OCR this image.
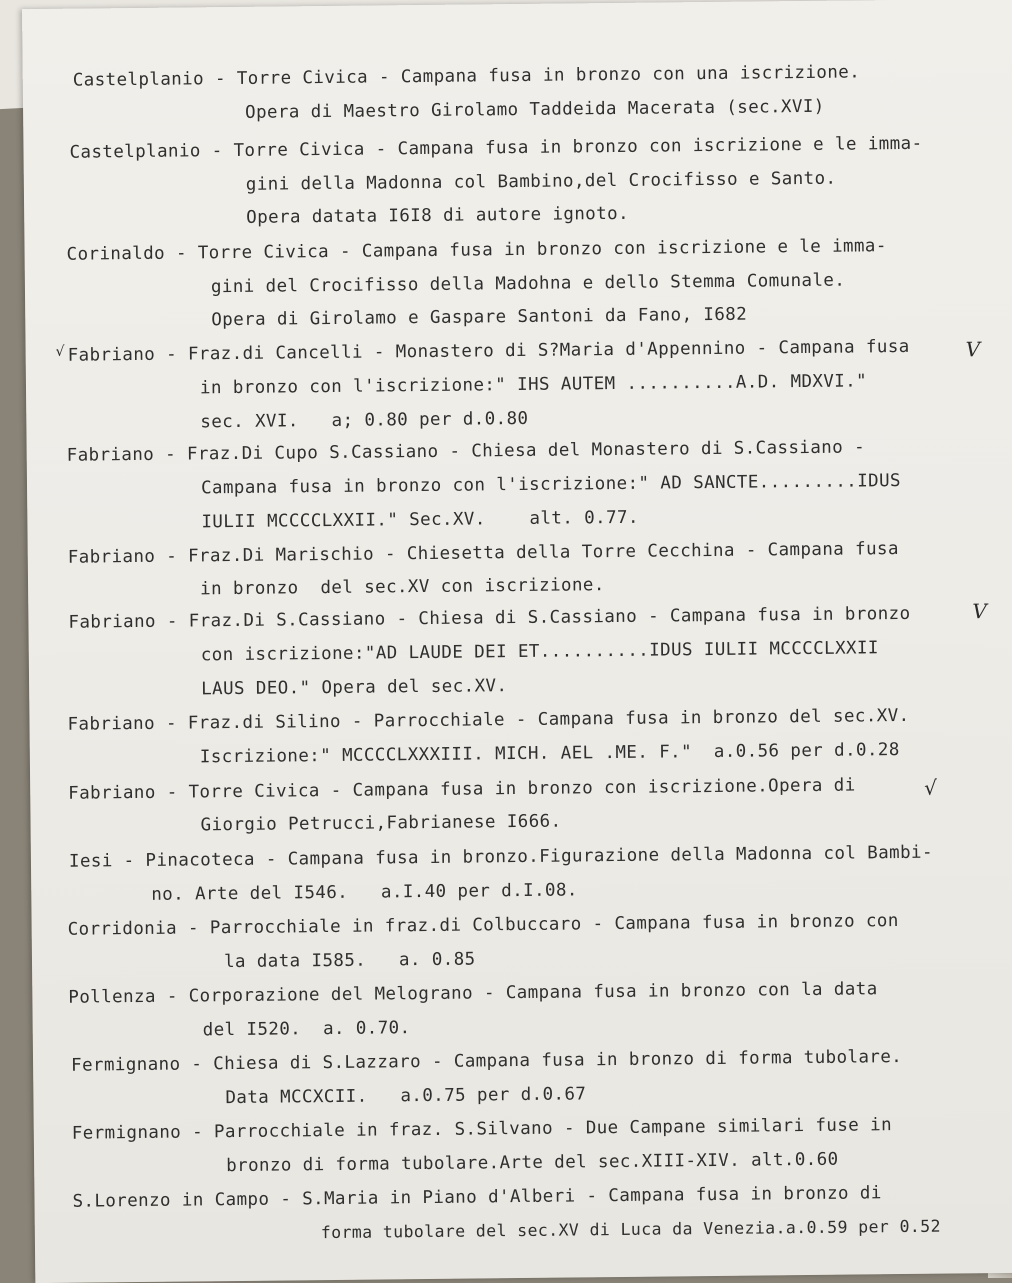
Castelplanio - Torre Civica - Campana fusa in bronzo con una iscrizione.
Opera di Maestro Girolamo Taddeida Macerata (sec.XVI)
Castelplanio - Torre Civica - Campana fusa in bronzo con iscrizione e le imma-
gini della Madonna col Bambino,del Crocifisso e Santo.
Opera datata I6I8 di autore ignoto.
Corinaldo - Torre Civica - Campana fusa in bronzo con iscrizione e le imma-
gini del Crocifisso della Madohna e dello Stemma Comunale.
Opera di Girolamo e Gaspare Santoni da Fano, I682
Fabriano - Fraz.di Cancelli - Monastero di S?Maria d'Appennino - Campana fusa
in bronzo con l'iscrizione:" IHS AUTEM ..........A.D. MDXVI."
sec. XVI.   a; 0.80 per d.0.80
Fabriano - Fraz.Di Cupo S.Cassiano - Chiesa del Monastero di S.Cassiano -
Campana fusa in bronzo con l'iscrizione:" AD SANCTE.........IDUS
IULII MCCCCLXXII." Sec.XV.    alt. 0.77.
Fabriano - Fraz.Di Marischio - Chiesetta della Torre Cecchina - Campana fusa
in bronzo  del sec.XV con iscrizione.
Fabriano - Fraz.Di S.Cassiano - Chiesa di S.Cassiano - Campana fusa in bronzo
con iscrizione:"AD LAUDE DEI ET..........IDUS IULII MCCCCLXXII
LAUS DEO." Opera del sec.XV.
Fabriano - Fraz.di Silino - Parrocchiale - Campana fusa in bronzo del sec.XV.
Iscrizione:" MCCCCLXXXIII. MICH. AEL .ME. F."  a.0.56 per d.0.28
Fabriano - Torre Civica - Campana fusa in bronzo con iscrizione.Opera di
Giorgio Petrucci,Fabrianese I666.
Iesi - Pinacoteca - Campana fusa in bronzo.Figurazione della Madonna col Bambi-
no. Arte del I546.   a.I.40 per d.I.08.
Corridonia - Parrocchiale in fraz.di Colbuccaro - Campana fusa in bronzo con
la data I585.   a. 0.85
Pollenza - Corporazione del Melograno - Campana fusa in bronzo con la data
del I520.  a. 0.70.
Fermignano - Chiesa di S.Lazzaro - Campana fusa in bronzo di forma tubolare.
Data MCCXCII.   a.0.75 per d.0.67
Fermignano - Parrocchiale in fraz. S.Silvano - Due Campane similari fuse in
bronzo di forma tubolare.Arte del sec.XIII-XIV. alt.0.60
S.Lorenzo in Campo - S.Maria in Piano d'Alberi - Campana fusa in bronzo di
forma tubolare del sec.XV di Luca da Venezia.a.0.59 per 0.52
V
V
√
√
